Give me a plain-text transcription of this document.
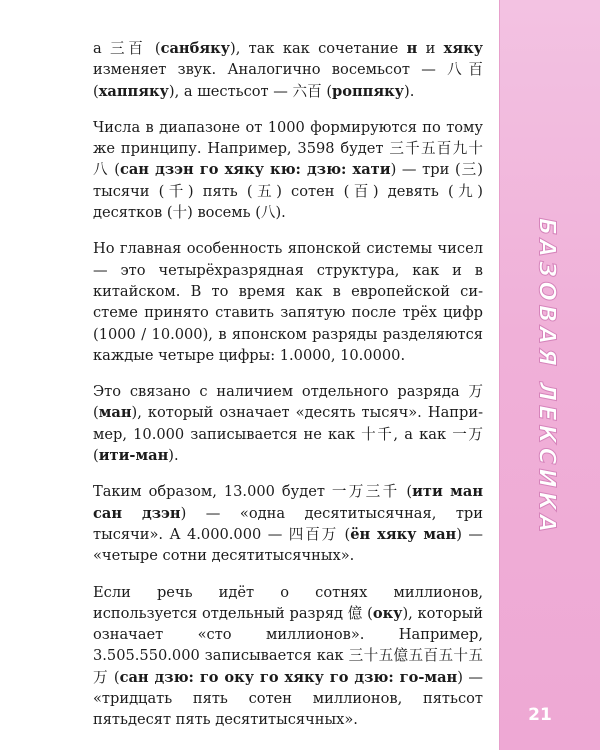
а 三百 (санбяку), так как сочетание н и хяку изменяет звук. Аналогично восемьсот — 八百 (хаппяку), а шестьсот — 六百 (роппяку).

Числа в диапазоне от 1000 формируются по тому же принципу. Например, 3598 будет 三千五百九十八 (сан дзэн го хяку кю: дзю: хати) — три (三) тысячи (千) пять (五) сотен (百) девять (九) десятков (十) восемь (八).

Но главная особенность японской системы чисел — это четырёхразрядная структура, как и в китайском. В то время как в европейской системе принято ставить запятую после трёх цифр (1000 / 10.000), в японском разряды разделяются каждые четыре цифры: 1.0000, 10.0000.

Это связано с наличием отдельного разряда 万 (ман), который означает «десять тысяч». Например, 10.000 записывается не как 十千, а как 一万 (ити-ман).

Таким образом, 13.000 будет 一万三千 (ити ман сан дзэн) — «одна десятитысячная, три тысячи». А 4.000.000 — 四百万 (ён хяку ман) — «четыре сотни десятитысячных».

Если речь идёт о сотнях миллионов, используется отдельный разряд 億 (оку), который означает «сто миллионов». Например, 3.505.550.000 записывается как 三十五億五百五十五万 (сан дзю: го оку го хяку го дзю: го-ман) — «тридцать пять сотен миллионов, пятьсот пятьдесят пять десятитысячных».

БАЗОВАЯ ЛЕКСИКА
21
